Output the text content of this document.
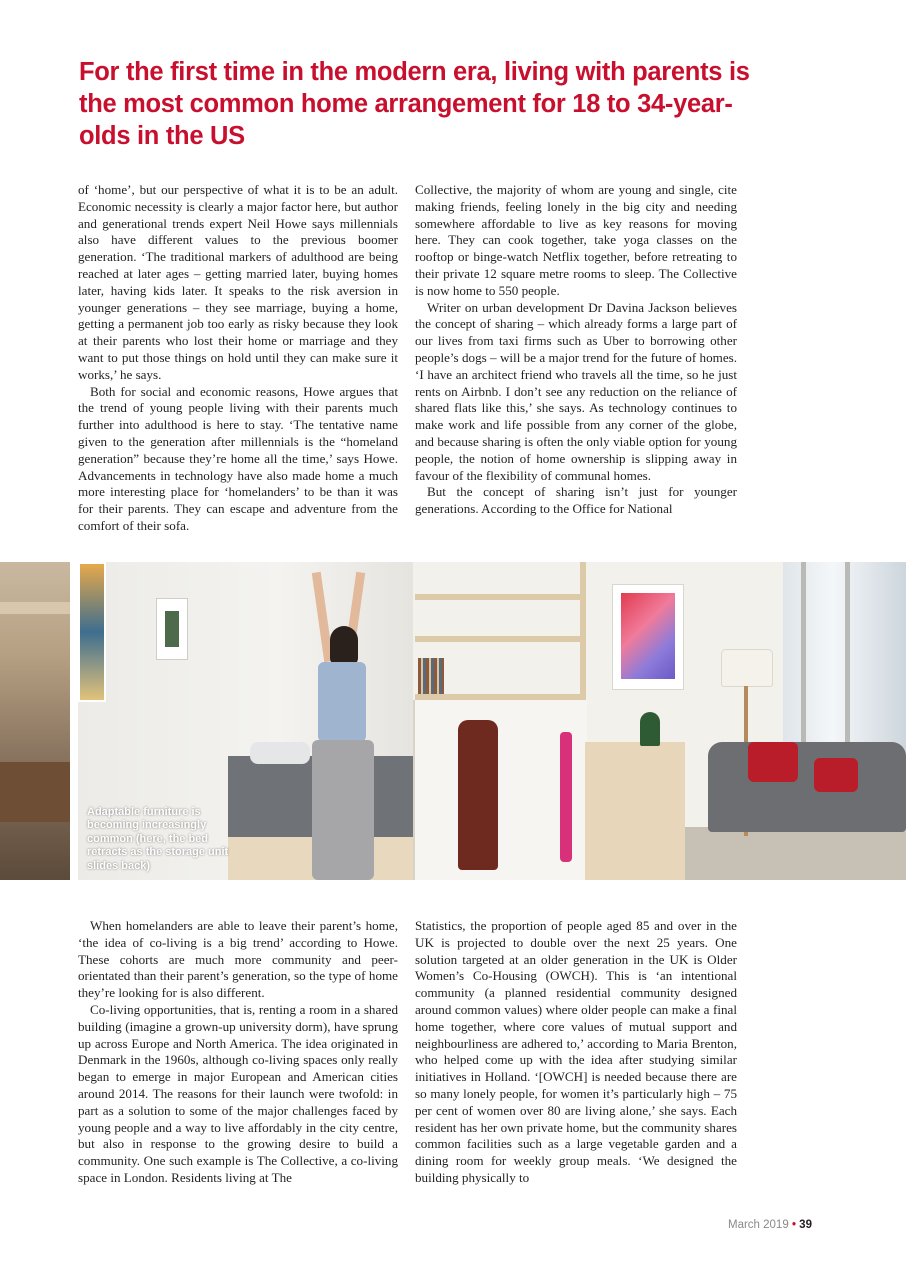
For the first time in the modern era, living with parents is the most common home arrangement for 18 to 34-year-olds in the US

of ‘home’, but our perspective of what it is to be an adult. Economic necessity is clearly a major factor here, but author and generational trends expert Neil Howe says millennials also have different values to the previous boomer generation. ‘The traditional markers of adulthood are being reached at later ages – getting married later, buying homes later, having kids later. It speaks to the risk aversion in younger generations – they see marriage, buying a home, getting a permanent job too early as risky because they look at their parents who lost their home or marriage and they want to put those things on hold until they can make sure it works,’ he says.

Both for social and economic reasons, Howe argues that the trend of young people living with their parents much further into adulthood is here to stay. ‘The tentative name given to the generation after millennials is the “homeland generation” because they’re home all the time,’ says Howe. Advancements in technology have also made home a much more interesting place for ‘homelanders’ to be than it was for their parents. They can escape and adventure from the comfort of their sofa.

Collective, the majority of whom are young and single, cite making friends, feeling lonely in the big city and needing somewhere affordable to live as key reasons for moving here. They can cook together, take yoga classes on the rooftop or binge-watch Netflix together, before retreating to their private 12 square metre rooms to sleep. The Collective is now home to 550 people.

Writer on urban development Dr Davina Jackson believes the concept of sharing – which already forms a large part of our lives from taxi firms such as Uber to borrowing other people’s dogs – will be a major trend for the future of homes. ‘I have an architect friend who travels all the time, so he just rents on Airbnb. I don’t see any reduction on the reliance of shared flats like this,’ she says. As technology continues to make work and life possible from any corner of the globe, and because sharing is often the only viable option for young people, the notion of home ownership is slipping away in favour of the flexibility of communal homes.

But the concept of sharing isn’t just for younger generations. According to the Office for National

Adaptable furniture is becoming increasingly common (here, the bed retracts as the storage unit slides back)

When homelanders are able to leave their parent’s home, ‘the idea of co-living is a big trend’ according to Howe. These cohorts are much more community and peer-orientated than their parent’s generation, so the type of home they’re looking for is also different.

Co-living opportunities, that is, renting a room in a shared building (imagine a grown-up university dorm), have sprung up across Europe and North America. The idea originated in Denmark in the 1960s, although co-living spaces only really began to emerge in major European and American cities around 2014. The reasons for their launch were twofold: in part as a solution to some of the major challenges faced by young people and a way to live affordably in the city centre, but also in response to the growing desire to build a community. One such example is The Collective, a co-living space in London. Residents living at The

Statistics, the proportion of people aged 85 and over in the UK is projected to double over the next 25 years. One solution targeted at an older generation in the UK is Older Women’s Co-Housing (OWCH). This is ‘an intentional community (a planned residential community designed around common values) where older people can make a final home together, where core values of mutual support and neighbourliness are adhered to,’ according to Maria Brenton, who helped come up with the idea after studying similar initiatives in Holland. ‘[OWCH] is needed because there are so many lonely people, for women it’s particularly high – 75 per cent of women over 80 are living alone,’ she says. Each resident has her own private home, but the community shares common facilities such as a large vegetable garden and a dining room for weekly group meals. ‘We designed the building physically to

March 2019 • 39
